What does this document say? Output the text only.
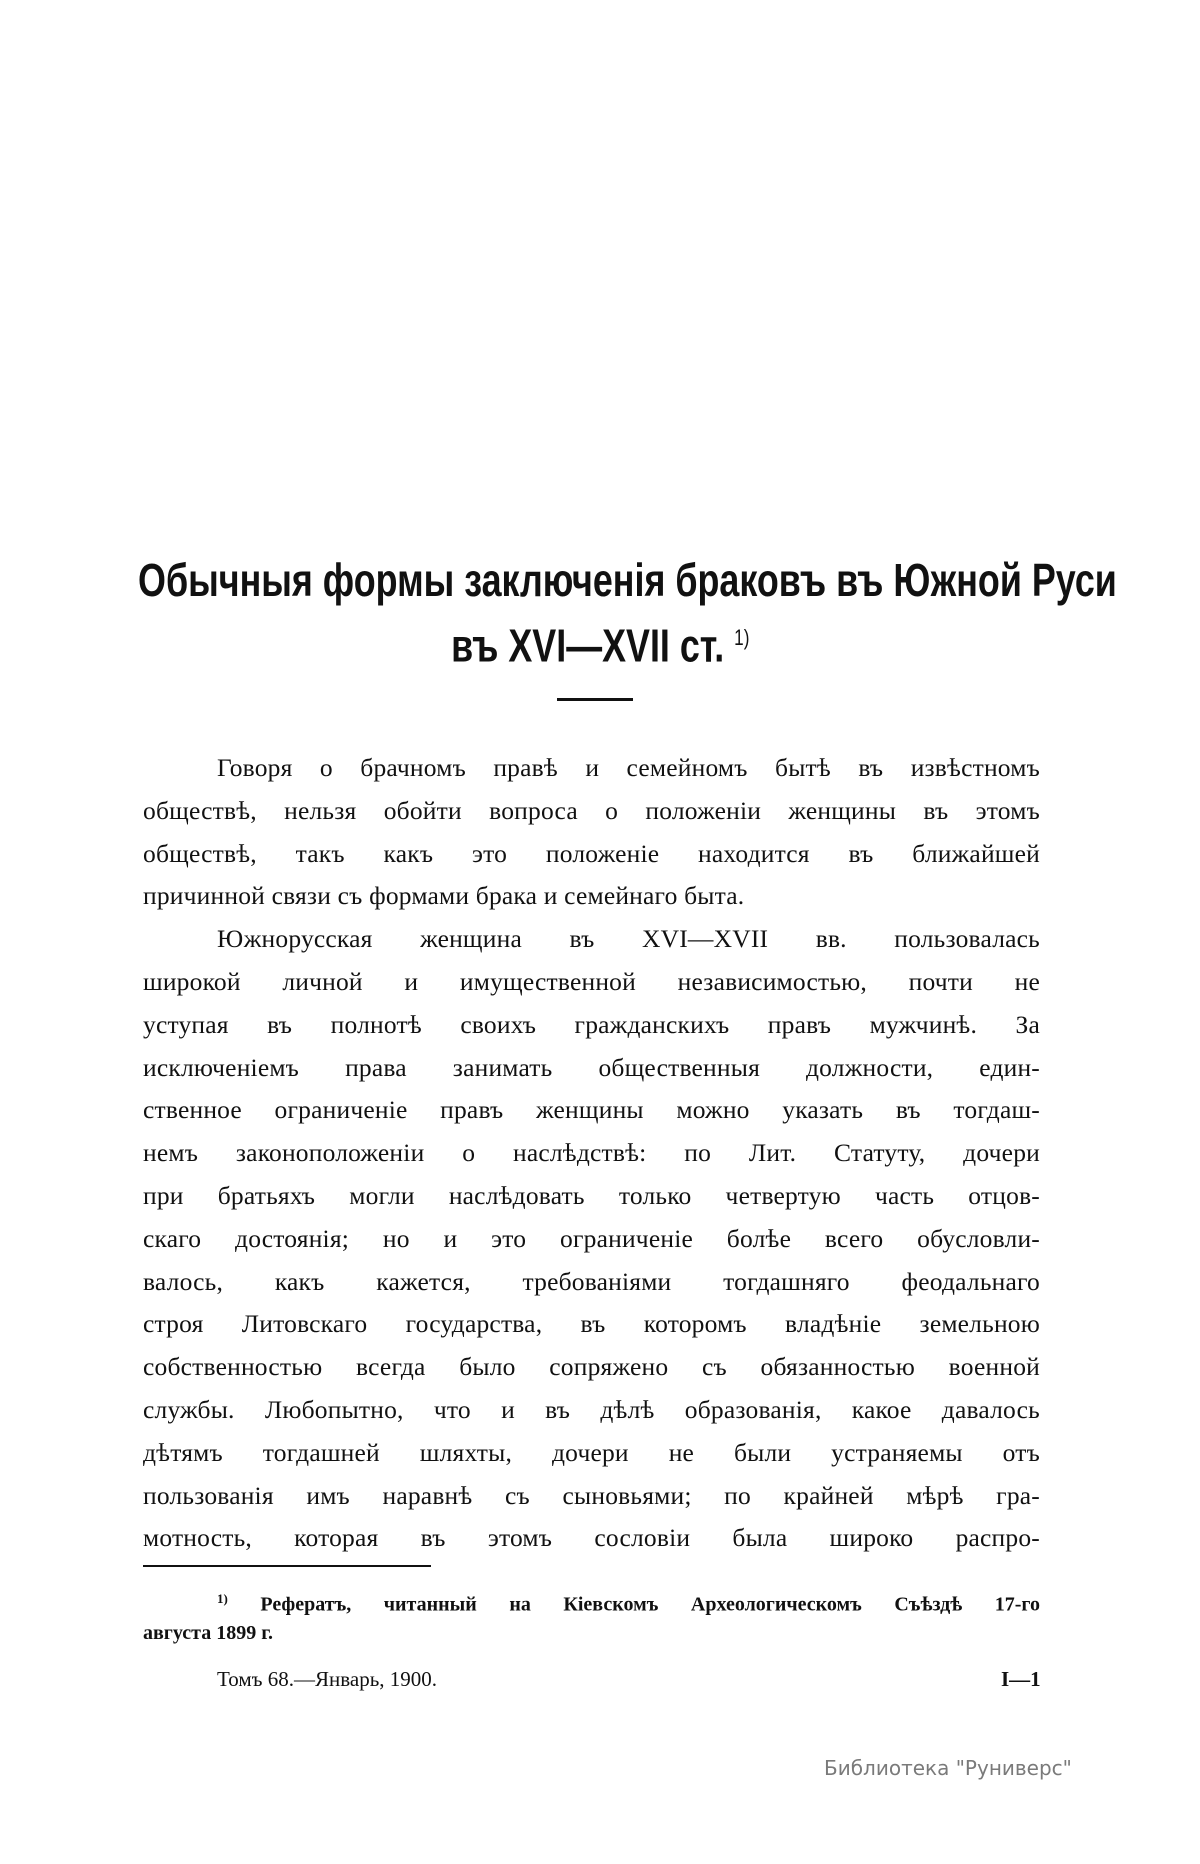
Обычныя формы заключенія браковъ въ Южной Руси
въ XVI—XVII ст. $^{1)}$
Говоря о брачномъ правѣ и семейномъ бытѣ въ извѣстномъ
обществѣ, нельзя обойти вопроса о положеніи женщины въ этомъ
обществѣ, такъ какъ это положеніе находится въ ближайшей
причинной связи съ формами брака и семейнаго быта.
Южнорусская женщина въ XVI—XVII вв. пользовалась
широкой личной и имущественной независимостью, почти не
уступая въ полнотѣ своихъ гражданскихъ правъ мужчинѣ. За
исключеніемъ права занимать общественныя должности, един-
ственное ограниченіе правъ женщины можно указать въ тогдаш-
немъ законоположеніи о наслѣдствѣ: по Лит. Статуту, дочери
при братьяхъ могли наслѣдовать только четвертую часть отцов-
скаго достоянія; но и это ограниченіе болѣе всего обусловли-
валось, какъ кажется, требованіями тогдашняго феодальнаго
строя Литовскаго государства, въ которомъ владѣніе земельною
собственностью всегда было сопряжено съ обязанностью военной
службы. Любопытно, что и въ дѣлѣ образованія, какое давалось
дѣтямъ тогдашней шляхты, дочери не были устраняемы отъ
пользованія имъ наравнѣ съ сыновьями; по крайней мѣрѣ гра-
мотность, которая въ этомъ сословіи была широко распро-
$^{1)}$ Рефератъ, читанный на Кіевскомъ Археологическомъ Съѣздѣ 17-го
августа 1899 г.
Томъ 68.—Январь, 1900.	I—1
Библиотека "Руниверс"
